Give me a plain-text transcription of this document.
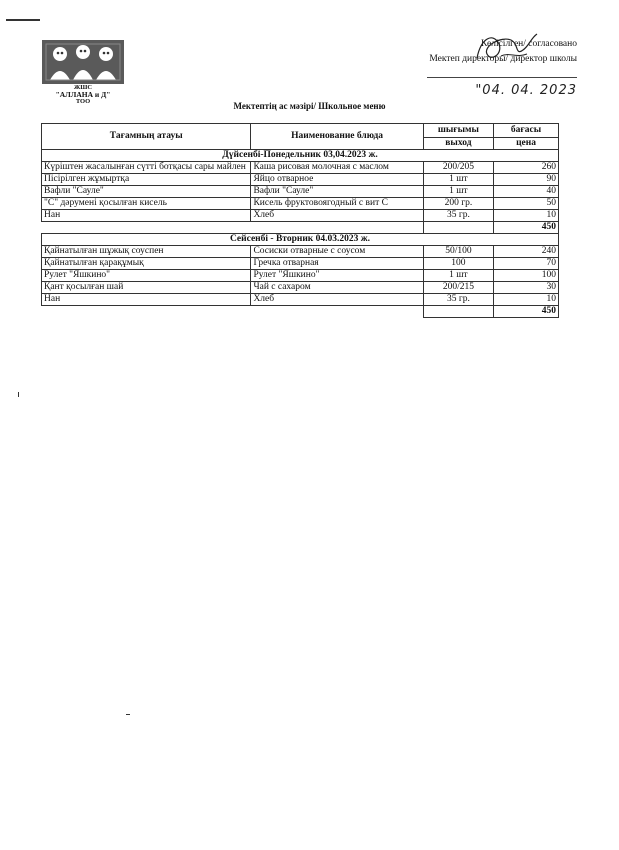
ЖШС
"АЛЛАНА и Д"
ТОО
Келісілген/ согласовано
Мектеп директоры/ директор школы
"04. 04. 2023
Мектептің ас мәзірі/ Школьное меню
Тағамның атауы	Наименование блюда	шығымы	бағасы
		выход	цена
Дүйсенбі-Понедельник 03,04.2023 ж.			
Күріштен жасалынған сүтті ботқасы сары майлен	Каша рисовая молочная с маслом	200/205	260
Пісірілген жұмыртқа	Яйцо отварное	1 шт	90
Вафли "Сауле"	Вафли "Сауле"	1 шт	40
"С" дәрумені қосылған кисель	Кисель фруктовоягодный с вит С	200 гр.	50
Нан	Хлеб	35 гр.	10
			450
Сейсенбі - Вторник 04.03.2023 ж.			
Қайнатылған шұжық соуспен	Сосиски отварные с соусом	50/100	240
Қайнатылған қарақұмық	Гречка отварная	100	70
Рулет "Яшкино"	Рулет "Яшкино"	1 шт	100
Қант қосылған шай	Чай с сахаром	200/215	30
Нан	Хлеб	35 гр.	10
			450
